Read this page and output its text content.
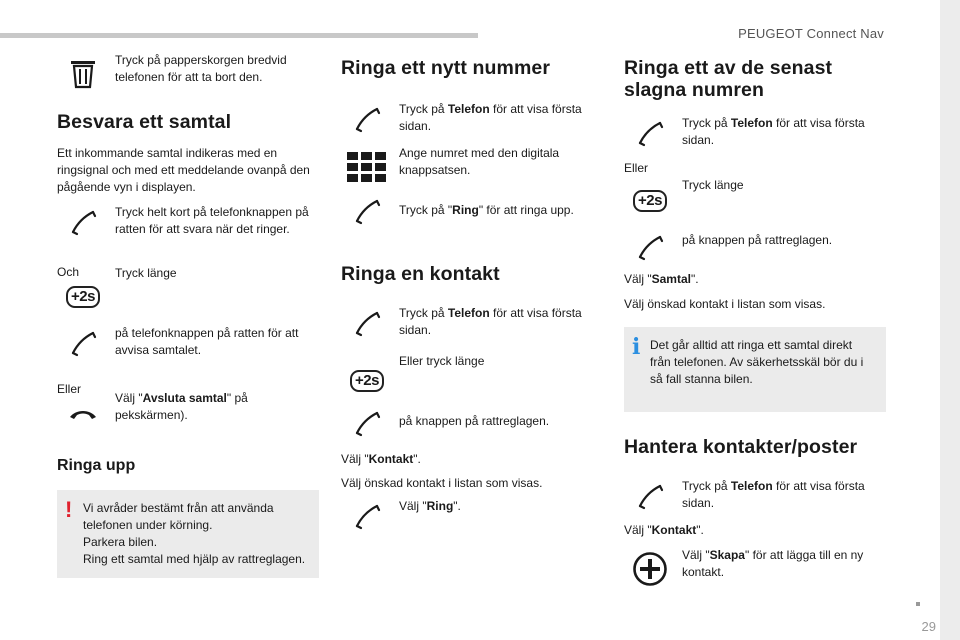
PEUGEOT Connect Nav
29
Tryck på papperskorgen bredvid telefonen för att ta bort den.
Besvara ett samtal
Ett inkommande samtal indikeras med en ringsignal och med ett meddelande ovanpå den pågående vyn i displayen.
Tryck helt kort på telefonknappen på ratten för att svara när det ringer.
Och
+2s
Tryck länge
på telefonknappen på ratten för att avvisa samtalet.
Eller
Välj "Avsluta samtal" på pekskärmen).
Ringa upp
! Vi avråder bestämt från att använda telefonen under körning.
Parkera bilen.
Ring ett samtal med hjälp av rattreglagen.
Ringa ett nytt nummer
Tryck på Telefon för att visa första sidan.
Ange numret med den digitala knappsatsen.
Tryck på "Ring" för att ringa upp.
Ringa en kontakt
Tryck på Telefon för att visa första sidan.
+2s
Eller tryck länge
på knappen på rattreglagen.
Välj "Kontakt".
Välj önskad kontakt i listan som visas.
Välj "Ring".
Ringa ett av de senast
slagna numren
Tryck på Telefon för att visa första sidan.
Eller
+2s
Tryck länge
på knappen på rattreglagen.
Välj "Samtal".
Välj önskad kontakt i listan som visas.
i Det går alltid att ringa ett samtal direkt från telefonen. Av säkerhetsskäl bör du i så fall stanna bilen.
Hantera kontakter/poster
Tryck på Telefon för att visa första sidan.
Välj "Kontakt".
Välj "Skapa" för att lägga till en ny kontakt.
